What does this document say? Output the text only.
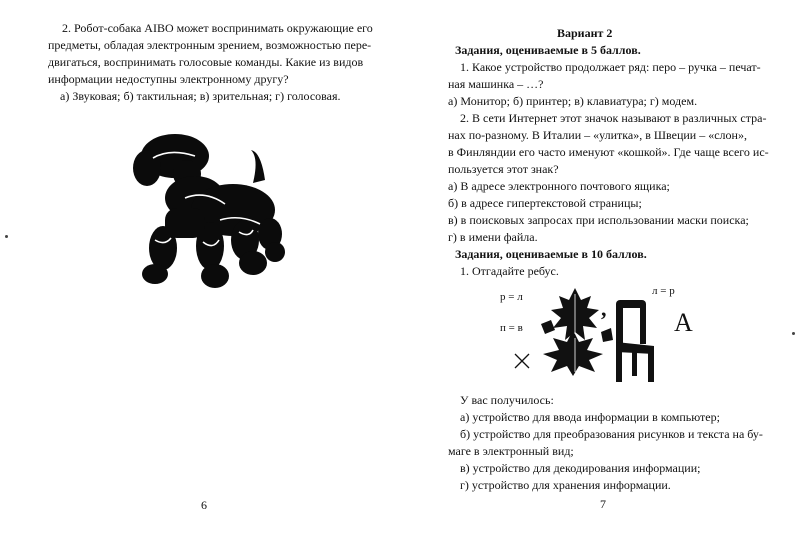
2. Робот-собака AIBO может воспринимать окружающие его

предметы, обладая электронным зрением, возможностью пере-

двигаться, воспринимать голосовые команды. Какие из видов

информации недоступны электронному другу?

а) Звуковая; б) тактильная; в) зрительная; г) голосовая.

6

Вариант 2

Задания, оцениваемые в 5 баллов.

1. Какое устройство продолжает ряд: перо – ручка – печат-

ная машинка – …?

а) Монитор; б) принтер; в) клавиатура; г) модем.

2. В сети Интернет этот значок называют в различных стра-

нах по-разному. В Италии – «улитка», в Швеции – «слон»,

в Финляндии его часто именуют «кошкой». Где чаще всего ис-

пользуется этот знак?

а) В адресе электронного почтового ящика;

б) в адресе гипертекстовой страницы;

в) в поисковых запросах при использовании маски поиска;

г) в имени файла.

Задания, оцениваемые в 10 баллов.

1. Отгадайте ребус.

р = л
п = в
л = р
,	А

У вас получилось:

а) устройство для ввода информации в компьютер;

б) устройство для преобразования рисунков и текста на бу-

маге в электронный вид;

в) устройство для декодирования информации;

г) устройство для хранения информации.

7
